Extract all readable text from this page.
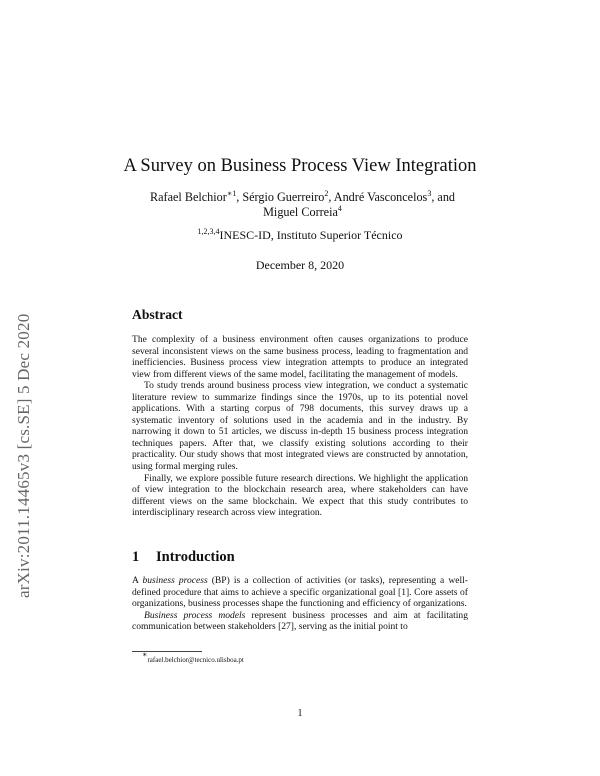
arXiv:2011.14465v3 [cs.SE] 5 Dec 2020
A Survey on Business Process View Integration
Rafael Belchior$^{∗1}$, Sérgio Guerreiro$^2$, André Vasconcelos$^3$, and
Miguel Correia$^4$
$^{1,2,3,4}$INESC-ID, Instituto Superior Técnico
December 8, 2020
Abstract

The complexity of a business environment often causes organizations to produce several inconsistent views on the same business process, leading to fragmentation and inefficiencies. Business process view integration attempts to produce an integrated view from different views of the same model, facilitating the management of models.

To study trends around business process view integration, we conduct a systematic literature review to summarize findings since the 1970s, up to its potential novel applications. With a starting corpus of 798 documents, this survey draws up a systematic inventory of solutions used in the academia and in the industry. By narrowing it down to 51 articles, we discuss in-depth 15 business process integration techniques papers. After that, we classify existing solutions according to their practicality. Our study shows that most integrated views are constructed by annotation, using formal merging rules.

Finally, we explore possible future research directions. We highlight the application of view integration to the blockchain research area, where stakeholders can have different views on the same blockchain. We expect that this study contributes to interdisciplinary research across view integration.

1 Introduction

A business process (BP) is a collection of activities (or tasks), representing a well-defined procedure that aims to achieve a specific organizational goal [1]. Core assets of organizations, business processes shape the functioning and efficiency of organizations.

Business process models represent business processes and aim at facilitating communication between stakeholders [27], serving as the initial point to

∗rafael.belchior@tecnico.ulisboa.pt
1
